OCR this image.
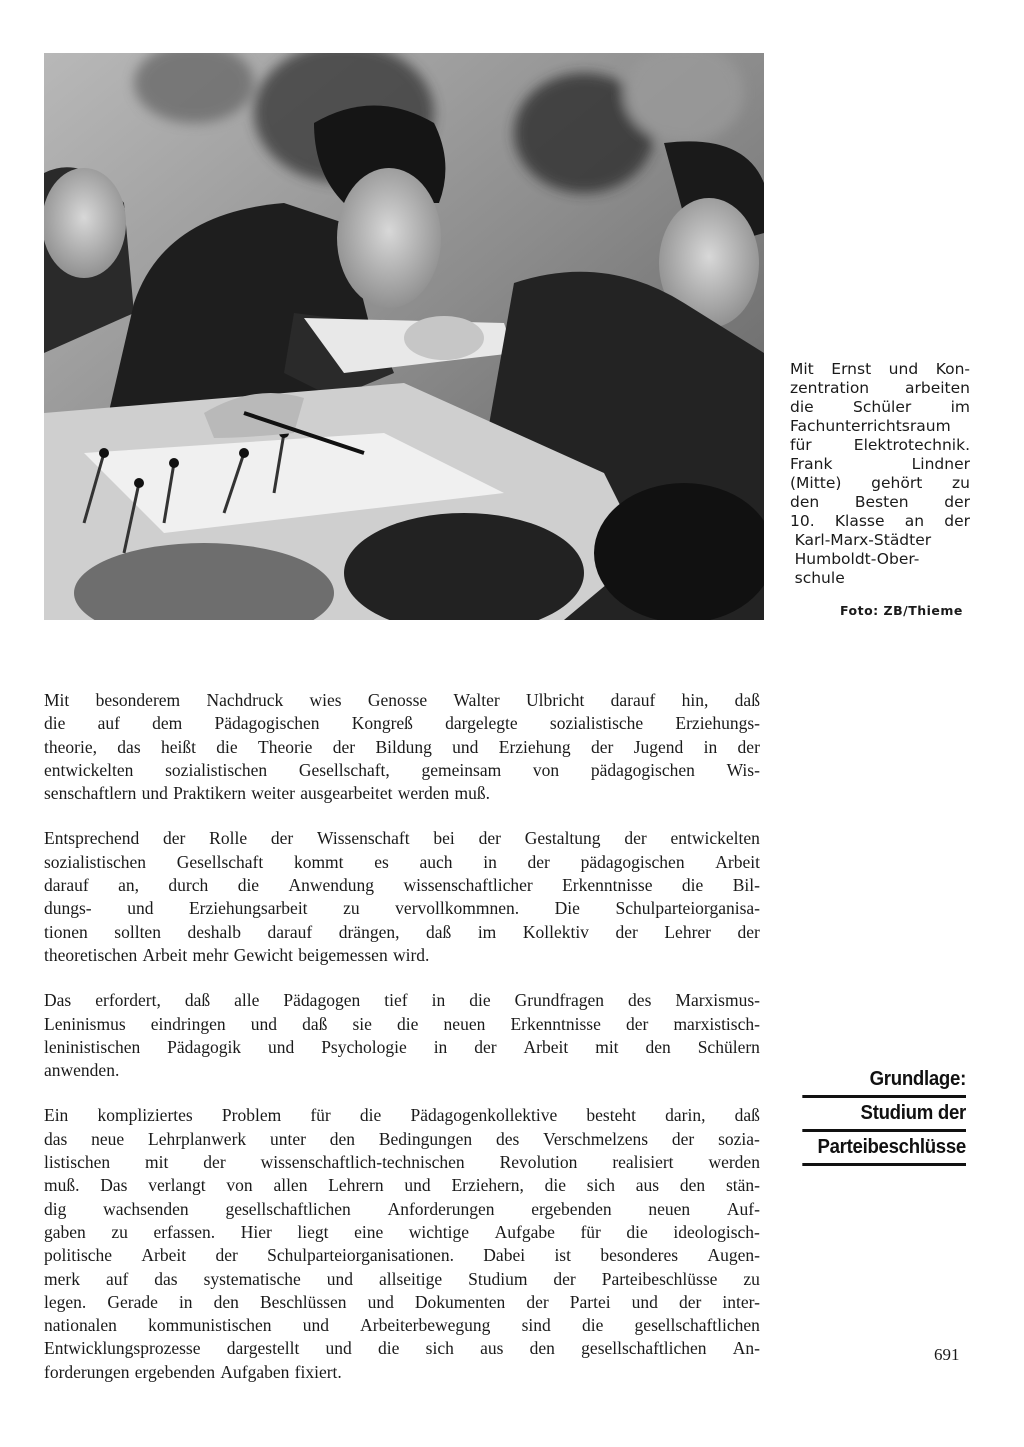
Mit Ernst und Kon-
zentration arbeiten
die	Schüler	im
Fachunterrichtsraum
für	Elektrotechnik.
Frank	Lindner
(Mitte) gehört zu
den Besten der
10. Klasse an der
Karl-Marx-Städter
Humboldt-Ober-
schule
Foto: ZB/Thieme
Mit besonderem Nachdruck wies Genosse Walter Ulbricht darauf hin, daß
die auf dem Pädagogischen Kongreß dargelegte sozialistische Erziehungs-
theorie, das heißt die Theorie der Bildung und Erziehung der Jugend in der
entwickelten sozialistischen Gesellschaft, gemeinsam von pädagogischen Wis-
senschaftlern und Praktikern weiter ausgearbeitet werden muß.
Entsprechend der Rolle der Wissenschaft bei der Gestaltung der entwickelten
sozialistischen Gesellschaft kommt es auch in der pädagogischen Arbeit
darauf an, durch die Anwendung wissenschaftlicher Erkenntnisse die Bil-
dungs- und Erziehungsarbeit zu vervollkommnen. Die Schulparteiorganisa-
tionen sollten deshalb darauf drängen, daß im Kollektiv der Lehrer der
theoretischen Arbeit mehr Gewicht beigemessen wird.
Das erfordert, daß alle Pädagogen tief in die Grundfragen des Marxismus-
Leninismus eindringen und daß sie die neuen Erkenntnisse der marxistisch-
leninistischen Pädagogik und Psychologie in der Arbeit mit den Schülern
anwenden.
Ein kompliziertes Problem für die Pädagogenkollektive besteht darin, daß
das neue Lehrplanwerk unter den Bedingungen des Verschmelzens der sozia-
listischen mit der wissenschaftlich-technischen Revolution realisiert werden
muß. Das verlangt von allen Lehrern und Erziehern, die sich aus den stän-
dig wachsenden gesellschaftlichen Anforderungen ergebenden neuen Auf-
gaben zu erfassen. Hier liegt eine wichtige Aufgabe für die ideologisch-
politische Arbeit der Schulparteiorganisationen. Dabei ist besonderes Augen-
merk auf das systematische und allseitige Studium der Parteibeschlüsse zu
legen. Gerade in den Beschlüssen und Dokumenten der Partei und der inter-
nationalen kommunistischen und Arbeiterbewegung sind die gesellschaftlichen
Entwicklungsprozesse dargestellt und die sich aus den gesellschaftlichen An-
forderungen ergebenden Aufgaben fixiert.
Grundlage:
Studium der
Parteibeschlüsse
691
